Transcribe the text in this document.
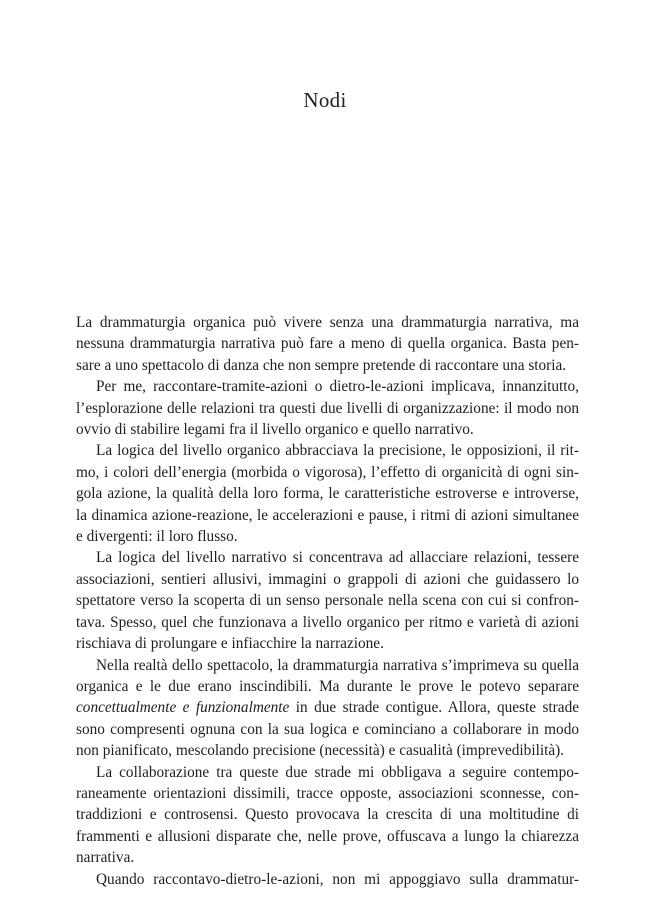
Nodi

La drammaturgia organica può vivere senza una drammaturgia narrativa, ma nessuna drammaturgia narrativa può fare a meno di quella organica. Basta pensare a uno spettacolo di danza che non sempre pretende di raccontare una storia.

Per me, raccontare-tramite-azioni o dietro-le-azioni implicava, innanzitutto, l’esplorazione delle relazioni tra questi due livelli di organizzazione: il modo non ovvio di stabilire legami fra il livello organico e quello narrativo.

La logica del livello organico abbracciava la precisione, le opposizioni, il ritmo, i colori dell’energia (morbida o vigorosa), l’effetto di organicità di ogni singola azione, la qualità della loro forma, le caratteristiche estroverse e introverse, la dinamica azione-reazione, le accelerazioni e pause, i ritmi di azioni simultanee e divergenti: il loro flusso.

La logica del livello narrativo si concentrava ad allacciare relazioni, tessere associazioni, sentieri allusivi, immagini o grappoli di azioni che guidassero lo spettatore verso la scoperta di un senso personale nella scena con cui si confrontava. Spesso, quel che funzionava a livello organico per ritmo e varietà di azioni rischiava di prolungare e infiacchire la narrazione.

Nella realtà dello spettacolo, la drammaturgia narrativa s’imprimeva su quella organica e le due erano inscindibili. Ma durante le prove le potevo separare concettualmente e funzionalmente in due strade contigue. Allora, queste strade sono compresenti ognuna con la sua logica e cominciano a collaborare in modo non pianificato, mescolando precisione (necessità) e casualità (imprevedibilità).

La collaborazione tra queste due strade mi obbligava a seguire contemporaneamente orientazioni dissimili, tracce opposte, associazioni sconnesse, contraddizioni e controsensi. Questo provocava la crescita di una moltitudine di frammenti e allusioni disparate che, nelle prove, offuscava a lungo la chiarezza narrativa.

Quando raccontavo-dietro-le-azioni, non mi appoggiavo sulla drammatur-
